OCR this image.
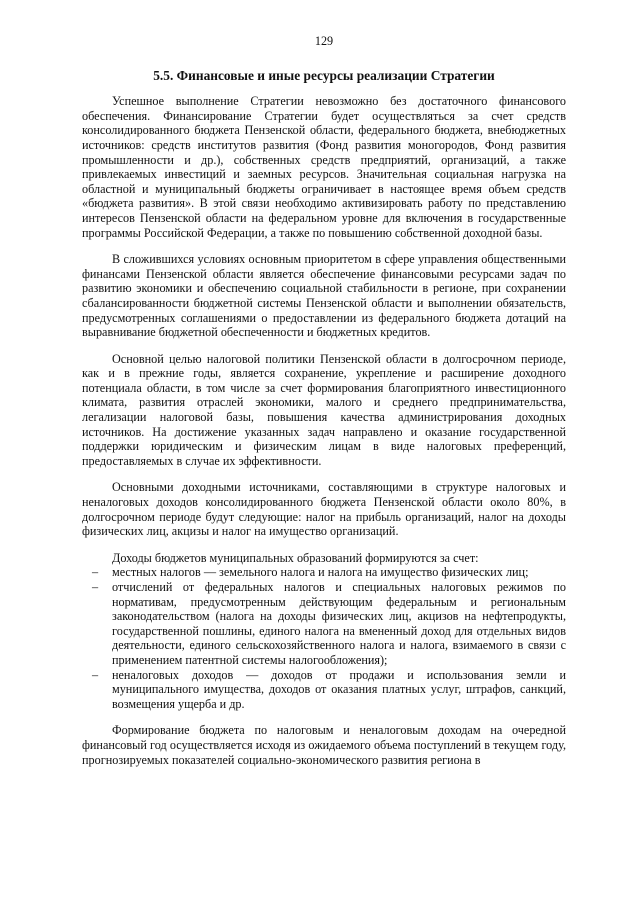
129
5.5. Финансовые и иные ресурсы реализации Стратегии

Успешное выполнение Стратегии невозможно без достаточного финансового обеспечения. Финансирование Стратегии будет осуществляться за счет средств консолидированного бюджета Пензенской области, федерального бюджета, внебюджетных источников: средств институтов развития (Фонд развития моногородов, Фонд развития промышленности и др.), собственных средств предприятий, организаций, а также привлекаемых инвестиций и заемных ресурсов. Значительная социальная нагрузка на областной и муниципальный бюджеты ограничивает в настоящее время объем средств «бюджета развития». В этой связи необходимо активизировать работу по представлению интересов Пензенской области на федеральном уровне для включения в государственные программы Российской Федерации, а также по повышению собственной доходной базы.

В сложившихся условиях основным приоритетом в сфере управления общественными финансами Пензенской области является обеспечение финансовыми ресурсами задач по развитию экономики и обеспечению социальной стабильности в регионе, при сохранении сбалансированности бюджетной системы Пензенской области и выполнении обязательств, предусмотренных соглашениями о предоставлении из федерального бюджета дотаций на выравнивание бюджетной обеспеченности и бюджетных кредитов.

Основной целью налоговой политики Пензенской области в долгосрочном периоде, как и в прежние годы, является сохранение, укрепление и расширение доходного потенциала области, в том числе за счет формирования благоприятного инвестиционного климата, развития отраслей экономики, малого и среднего предпринимательства, легализации налоговой базы, повышения качества администрирования доходных источников. На достижение указанных задач направлено и оказание государственной поддержки юридическим и физическим лицам в виде налоговых преференций, предоставляемых в случае их эффективности.

Основными доходными источниками, составляющими в структуре налоговых и неналоговых доходов консолидированного бюджета Пензенской области около 80%, в долгосрочном периоде будут следующие: налог на прибыль организаций, налог на доходы физических лиц, акцизы и налог на имущество организаций.

Доходы бюджетов муниципальных образований формируются за счет:

– местных налогов — земельного налога и налога на имущество физических лиц;
– отчислений от федеральных налогов и специальных налоговых режимов по нормативам, предусмотренным действующим федеральным и региональным законодательством (налога на доходы физических лиц, акцизов на нефтепродукты, государственной пошлины, единого налога на вмененный доход для отдельных видов деятельности, единого сельскохозяйственного налога и налога, взимаемого в связи с применением патентной системы налогообложения);
– неналоговых доходов — доходов от продажи и использования земли и муниципального имущества, доходов от оказания платных услуг, штрафов, санкций, возмещения ущерба и др.

Формирование бюджета по налоговым и неналоговым доходам на очередной финансовый год осуществляется исходя из ожидаемого объема поступлений в текущем году, прогнозируемых показателей социально-экономического развития региона в
